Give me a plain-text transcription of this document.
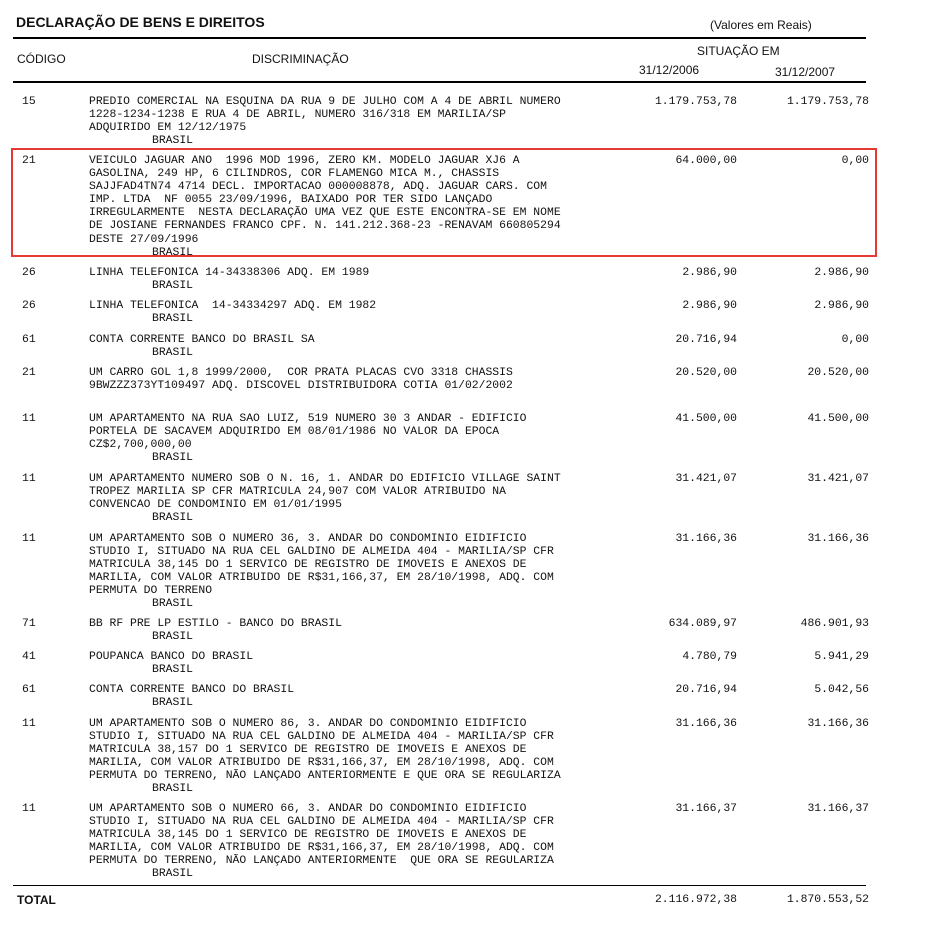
DECLARAÇÃO DE BENS E DIREITOS	(Valores em Reais)
CÓDIGO	DISCRIMINAÇÃO
SITUAÇÃO EM
31/12/2006	31/12/2007
15	PREDIO COMERCIAL NA ESQUINA DA RUA 9 DE JULHO COM A 4 DE ABRIL NUMERO
1228-1234-1238 E RUA 4 DE ABRIL, NUMERO 316/318 EM MARILIA/SP
ADQUIRIDO EM 12/12/1975
BRASIL
1.179.753,78	1.179.753,78
21	VEICULO JAGUAR ANO  1996 MOD 1996, ZERO KM. MODELO JAGUAR XJ6 A
GASOLINA, 249 HP, 6 CILINDROS, COR FLAMENGO MICA M., CHASSIS
SAJJFAD4TN74 4714 DECL. IMPORTACAO 000008878, ADQ. JAGUAR CARS. COM
IMP. LTDA  NF 0055 23/09/1996, BAIXADO POR TER SIDO LANÇADO
IRREGULARMENTE  NESTA DECLARAÇÃO UMA VEZ QUE ESTE ENCONTRA-SE EM NOME
DE JOSIANE FERNANDES FRANCO CPF. N. 141.212.368-23 -RENAVAM 660805294
DESTE 27/09/1996
BRASIL
64.000,00	0,00
26	LINHA TELEFONICA 14-34338306 ADQ. EM 1989
BRASIL
2.986,90	2.986,90
26	LINHA TELEFONICA  14-34334297 ADQ. EM 1982
BRASIL
2.986,90	2.986,90
61	CONTA CORRENTE BANCO DO BRASIL SA
BRASIL
20.716,94	0,00
21	UM CARRO GOL 1,8 1999/2000,  COR PRATA PLACAS CVO 3318 CHASSIS
9BWZZZ373YT109497 ADQ. DISCOVEL DISTRIBUIDORA COTIA 01/02/2002
20.520,00	20.520,00
11	UM APARTAMENTO NA RUA SAO LUIZ, 519 NUMERO 30 3 ANDAR - EDIFICIO
PORTELA DE SACAVEM ADQUIRIDO EM 08/01/1986 NO VALOR DA EPOCA
CZ$2,700,000,00
BRASIL
41.500,00	41.500,00
11	UM APARTAMENTO NUMERO SOB O N. 16, 1. ANDAR DO EDIFICIO VILLAGE SAINT
TROPEZ MARILIA SP CFR MATRICULA 24,907 COM VALOR ATRIBUIDO NA
CONVENCAO DE CONDOMINIO EM 01/01/1995
BRASIL
31.421,07	31.421,07
11	UM APARTAMENTO SOB O NUMERO 36, 3. ANDAR DO CONDOMINIO EIDIFICIO
STUDIO I, SITUADO NA RUA CEL GALDINO DE ALMEIDA 404 - MARILIA/SP CFR
MATRICULA 38,145 DO 1 SERVICO DE REGISTRO DE IMOVEIS E ANEXOS DE
MARILIA, COM VALOR ATRIBUIDO DE R$31,166,37, EM 28/10/1998, ADQ. COM
PERMUTA DO TERRENO
BRASIL
31.166,36	31.166,36
71	BB RF PRE LP ESTILO - BANCO DO BRASIL
BRASIL
634.089,97	486.901,93
41	POUPANCA BANCO DO BRASIL
BRASIL
4.780,79	5.941,29
61	CONTA CORRENTE BANCO DO BRASIL
BRASIL
20.716,94	5.042,56
11	UM APARTAMENTO SOB O NUMERO 86, 3. ANDAR DO CONDOMINIO EIDIFICIO
STUDIO I, SITUADO NA RUA CEL GALDINO DE ALMEIDA 404 - MARILIA/SP CFR
MATRICULA 38,157 DO 1 SERVICO DE REGISTRO DE IMOVEIS E ANEXOS DE
MARILIA, COM VALOR ATRIBUIDO DE R$31,166,37, EM 28/10/1998, ADQ. COM
PERMUTA DO TERRENO, NÃO LANÇADO ANTERIORMENTE E QUE ORA SE REGULARIZA
BRASIL
31.166,36	31.166,36
11	UM APARTAMENTO SOB O NUMERO 66, 3. ANDAR DO CONDOMINIO EIDIFICIO
STUDIO I, SITUADO NA RUA CEL GALDINO DE ALMEIDA 404 - MARILIA/SP CFR
MATRICULA 38,145 DO 1 SERVICO DE REGISTRO DE IMOVEIS E ANEXOS DE
MARILIA, COM VALOR ATRIBUIDO DE R$31,166,37, EM 28/10/1998, ADQ. COM
PERMUTA DO TERRENO, NÃO LANÇADO ANTERIORMENTE  QUE ORA SE REGULARIZA
BRASIL
31.166,37	31.166,37
TOTAL	2.116.972,38	1.870.553,52
